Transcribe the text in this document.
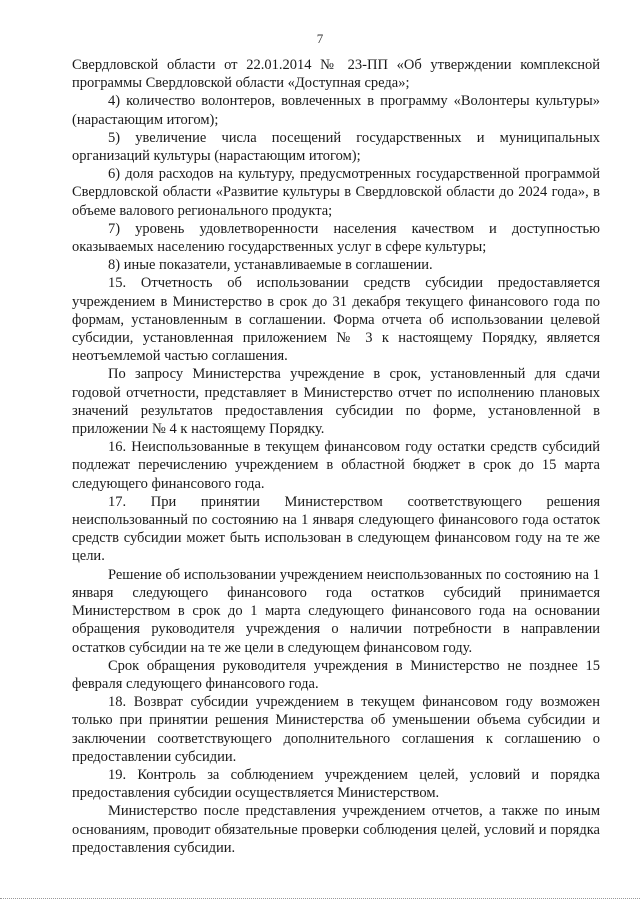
7

Свердловской области от 22.01.2014 № 23-ПП «Об утверждении комплексной программы Свердловской области «Доступная среда»;

4) количество волонтеров, вовлеченных в программу «Волонтеры культуры» (нарастающим итогом);

5) увеличение числа посещений государственных и муниципальных организаций культуры (нарастающим итогом);

6) доля расходов на культуру, предусмотренных государственной программой Свердловской области «Развитие культуры в Свердловской области до 2024 года», в объеме валового регионального продукта;

7) уровень удовлетворенности населения качеством и доступностью оказываемых населению государственных услуг в сфере культуры;

8) иные показатели, устанавливаемые в соглашении.

15. Отчетность об использовании средств субсидии предоставляется учреждением в Министерство в срок до 31 декабря текущего финансового года по формам, установленным в соглашении. Форма отчета об использовании целевой субсидии, установленная приложением № 3 к настоящему Порядку, является неотъемлемой частью соглашения.

По запросу Министерства учреждение в срок, установленный для сдачи годовой отчетности, представляет в Министерство отчет по исполнению плановых значений результатов предоставления субсидии по форме, установленной в приложении № 4 к настоящему Порядку.

16. Неиспользованные в текущем финансовом году остатки средств субсидий подлежат перечислению учреждением в областной бюджет в срок до 15 марта следующего финансового года.

17. При принятии Министерством соответствующего решения неиспользованный по состоянию на 1 января следующего финансового года остаток средств субсидии может быть использован в следующем финансовом году на те же цели.

Решение об использовании учреждением неиспользованных по состоянию на 1 января следующего финансового года остатков субсидий принимается Министерством в срок до 1 марта следующего финансового года на основании обращения руководителя учреждения о наличии потребности в направлении остатков субсидии на те же цели в следующем финансовом году.

Срок обращения руководителя учреждения в Министерство не позднее 15 февраля следующего финансового года.

18. Возврат субсидии учреждением в текущем финансовом году возможен только при принятии решения Министерства об уменьшении объема субсидии и заключении соответствующего дополнительного соглашения к соглашению о предоставлении субсидии.

19. Контроль за соблюдением учреждением целей, условий и порядка предоставления субсидии осуществляется Министерством.

Министерство после представления учреждением отчетов, а также по иным основаниям, проводит обязательные проверки соблюдения целей, условий и порядка предоставления субсидии.
